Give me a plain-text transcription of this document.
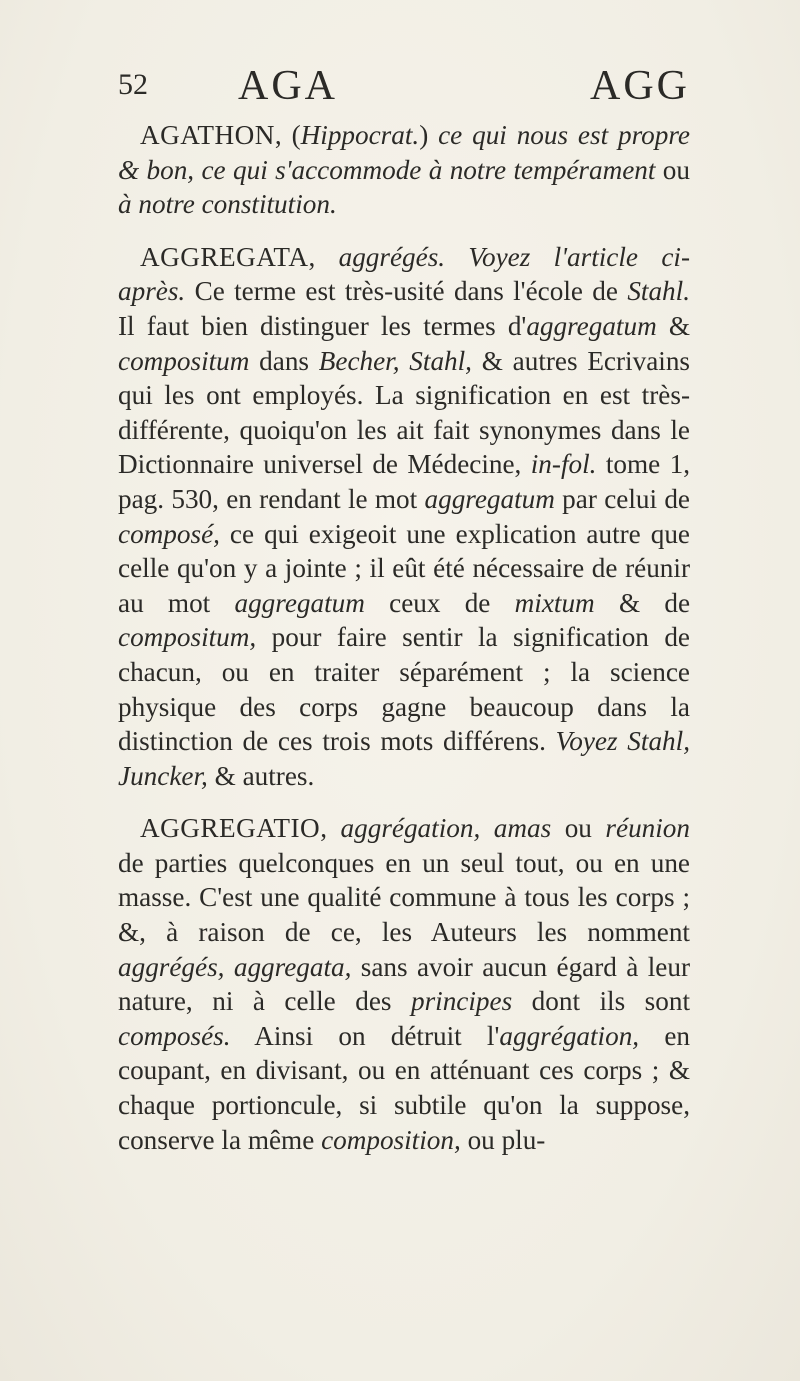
52 AGA	AGG

AGATHON, (Hippocrat.) ce qui nous est propre & bon, ce qui s'accommode à notre tempérament ou à notre constitution.

AGGREGATA, aggrégés. Voyez l'article ci-après. Ce terme est très-usité dans l'école de Stahl. Il faut bien distinguer les termes d'aggregatum & compositum dans Becher, Stahl, & autres Ecrivains qui les ont employés. La signification en est très-différente, quoiqu'on les ait fait synonymes dans le Dictionnaire universel de Médecine, in-fol. tome 1, pag. 530, en rendant le mot aggregatum par celui de composé, ce qui exigeoit une explication autre que celle qu'on y a jointe ; il eût été nécessaire de réunir au mot aggregatum ceux de mixtum & de compositum, pour faire sentir la signification de chacun, ou en traiter séparément ; la science physique des corps gagne beaucoup dans la distinction de ces trois mots différens. Voyez Stahl, Juncker, & autres.

AGGREGATIO, aggrégation, amas ou réunion de parties quelconques en un seul tout, ou en une masse. C'est une qualité commune à tous les corps ; &, à raison de ce, les Auteurs les nomment aggrégés, aggregata, sans avoir aucun égard à leur nature, ni à celle des principes dont ils sont composés. Ainsi on détruit l'aggrégation, en coupant, en divisant, ou en atténuant ces corps ; & chaque portioncule, si subtile qu'on la suppose, conserve la même composition, ou plu-
